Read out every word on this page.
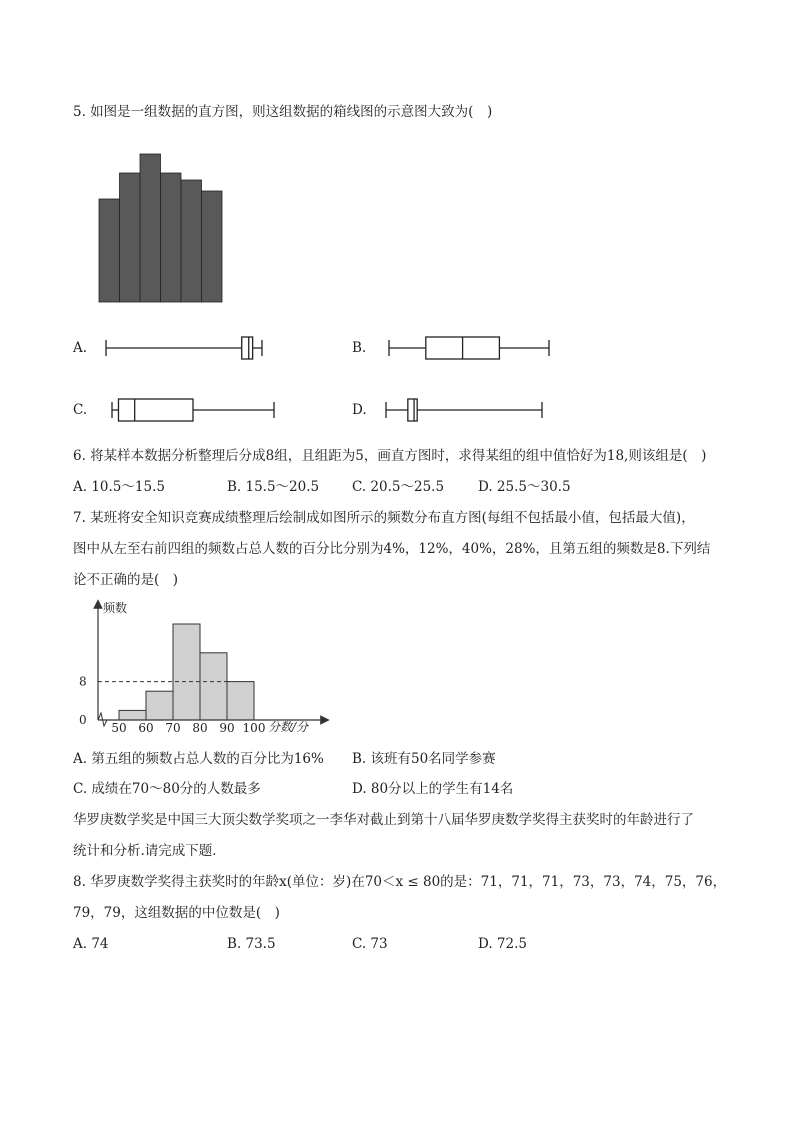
5. 如图是一组数据的直方图，则这组数据的箱线图的示意图大致为(　)
A.	B.
C.	D.
6. 将某样本数据分析整理后分成8组，且组距为5，画直方图时，求得某组的组中值恰好为18,则该组是(　)
A. 10.5～15.5	B. 15.5～20.5 C. 20.5～25.5	D. 25.5～30.5
7. 某班将安全知识竞赛成绩整理后绘制成如图所示的频数分布直方图(每组不包括最小值，包括最大值)，
图中从左至右前四组的频数占总人数的百分比分别为4%，12%，40%，28%，且第五组的频数是8.下列结
论不正确的是(　)
频数
分数/分
0
8
50 60 70 80 90 100
A. 第五组的频数占总人数的百分比为16% B. 该班有50名同学参赛
C. 成绩在70～80分的人数最多	D. 80分以上的学生有14名
华罗庚数学奖是中国三大顶尖数学奖项之一李华对截止到第十八届华罗庚数学奖得主获奖时的年龄进行了
统计和分析.请完成下题．
8. 华罗庚数学奖得主获奖时的年龄x(单位：岁)在70＜x ≤ 80的是：71，71，71，73，73，74，75，76，
79，79，这组数据的中位数是(　)
A. 74	B. 73.5	C. 73	D. 72.5
